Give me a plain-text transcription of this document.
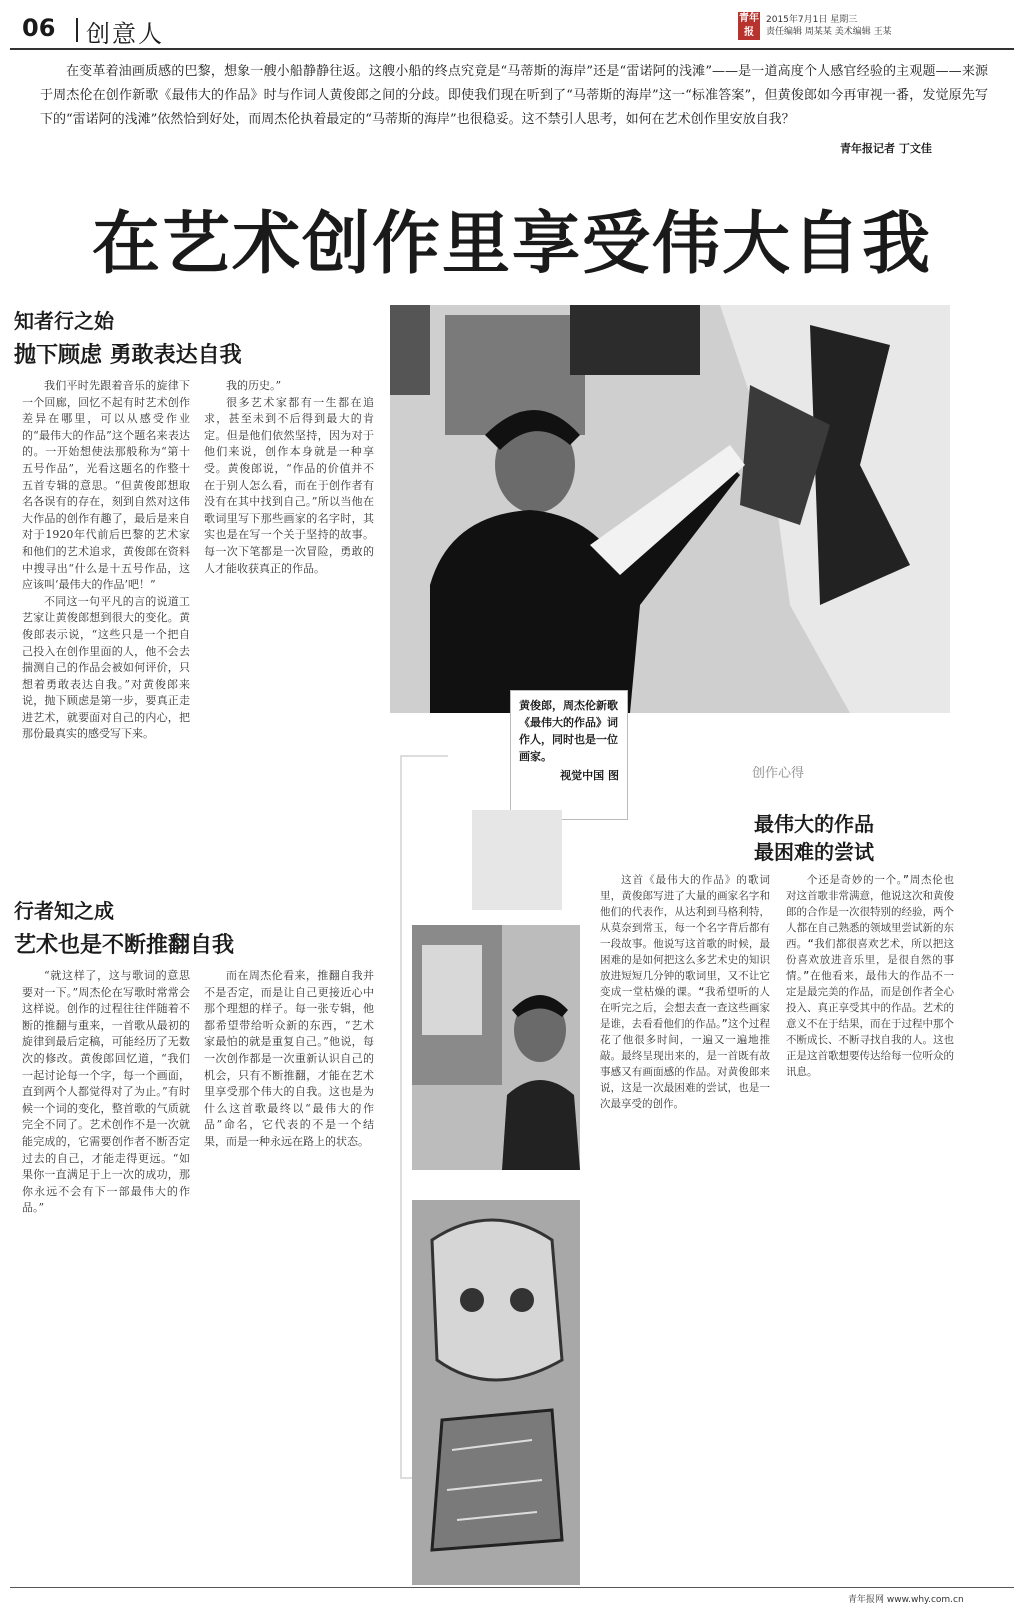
06 创意人
青年报
2015年7月1日 星期三
责任编辑 周某某 美术编辑 王某
在变革着油画质感的巴黎，想象一艘小船静静往返。这艘小船的终点究竟是“马蒂斯的海岸”还是“雷诺阿的浅滩”——是一道高度个人感官经验的主观题——来源于周杰伦在创作新歌《最伟大的作品》时与作词人黄俊郎之间的分歧。即使我们现在听到了“马蒂斯的海岸”这一“标准答案”，但黄俊郎如今再审视一番，发觉原先写下的“雷诺阿的浅滩”依然恰到好处，而周杰伦执着最定的“马蒂斯的海岸”也很稳妥。这不禁引人思考，如何在艺术创作里安放自我？
青年报记者 丁文佳
在艺术创作里享受伟大自我
知者行之始
抛下顾虑 勇敢表达自我

我们平时先跟着音乐的旋律下一个回廊，回忆不起有时艺术创作差异在哪里，可以从感受作业的“最伟大的作品”这个题名来表达的。一开始想使法那般称为“第十五号作品”，光看这题名的作整十五首专辑的意思。“但黄俊郎想取名各误有的存在，刻到自然对这伟大作品的创作有趣了，最后是来自对于1920年代前后巴黎的艺术家和他们的艺术追求，黄俊郎在资料中搜寻出“什么是十五号作品，这应该叫‘最伟大的作品’吧！”

不同这一句平凡的言的说道工艺家让黄俊郎想到很大的变化。黄俊郎表示说，“这些只是一个把自己投入在创作里面的人，他不会去揣测自己的作品会被如何评价，只想着勇敢表达自我。”对黄俊郎来说，抛下顾虑是第一步，要真正走进艺术，就要面对自己的内心，把那份最真实的感受写下来。

我的历史。”

很多艺术家都有一生都在追求，甚至未到不后得到最大的肯定。但是他们依然坚持，因为对于他们来说，创作本身就是一种享受。黄俊郎说，“作品的价值并不在于别人怎么看，而在于创作者有没有在其中找到自己。”所以当他在歌词里写下那些画家的名字时，其实也是在写一个关于坚持的故事。每一次下笔都是一次冒险，勇敢的人才能收获真正的作品。

黄俊郎，周杰伦新歌《最伟大的作品》词作人，同时也是一位画家。
视觉中国 图	创作心得
最伟大的作品
最困难的尝试

这首《最伟大的作品》的歌词里，黄俊郎写进了大量的画家名字和他们的代表作，从达利到马格利特，从莫奈到常玉，每一个名字背后都有一段故事。他说写这首歌的时候，最困难的是如何把这么多艺术史的知识放进短短几分钟的歌词里，又不让它变成一堂枯燥的课。“我希望听的人在听完之后，会想去查一查这些画家是谁，去看看他们的作品。”这个过程花了他很多时间，一遍又一遍地推敲。最终呈现出来的，是一首既有故事感又有画面感的作品。对黄俊郎来说，这是一次最困难的尝试，也是一次最享受的创作。

个还是奇妙的一个。”周杰伦也对这首歌非常满意，他说这次和黄俊郎的合作是一次很特别的经验，两个人都在自己熟悉的领域里尝试新的东西。“我们都很喜欢艺术，所以把这份喜欢放进音乐里，是很自然的事情。”在他看来，最伟大的作品不一定是最完美的作品，而是创作者全心投入、真正享受其中的作品。艺术的意义不在于结果，而在于过程中那个不断成长、不断寻找自我的人。这也正是这首歌想要传达给每一位听众的讯息。

行者知之成
艺术也是不断推翻自我

“就这样了，这与歌词的意思要对一下。”周杰伦在写歌时常常会这样说。创作的过程往往伴随着不断的推翻与重来，一首歌从最初的旋律到最后定稿，可能经历了无数次的修改。黄俊郎回忆道，“我们一起讨论每一个字，每一个画面，直到两个人都觉得对了为止。”有时候一个词的变化，整首歌的气质就完全不同了。艺术创作不是一次就能完成的，它需要创作者不断否定过去的自己，才能走得更远。“如果你一直满足于上一次的成功，那你永远不会有下一部最伟大的作品。”

而在周杰伦看来，推翻自我并不是否定，而是让自己更接近心中那个理想的样子。每一张专辑，他都希望带给听众新的东西，“艺术家最怕的就是重复自己。”他说，每一次创作都是一次重新认识自己的机会，只有不断推翻，才能在艺术里享受那个伟大的自我。这也是为什么这首歌最终以“最伟大的作品”命名，它代表的不是一个结果，而是一种永远在路上的状态。

青年报网 www.why.com.cn
